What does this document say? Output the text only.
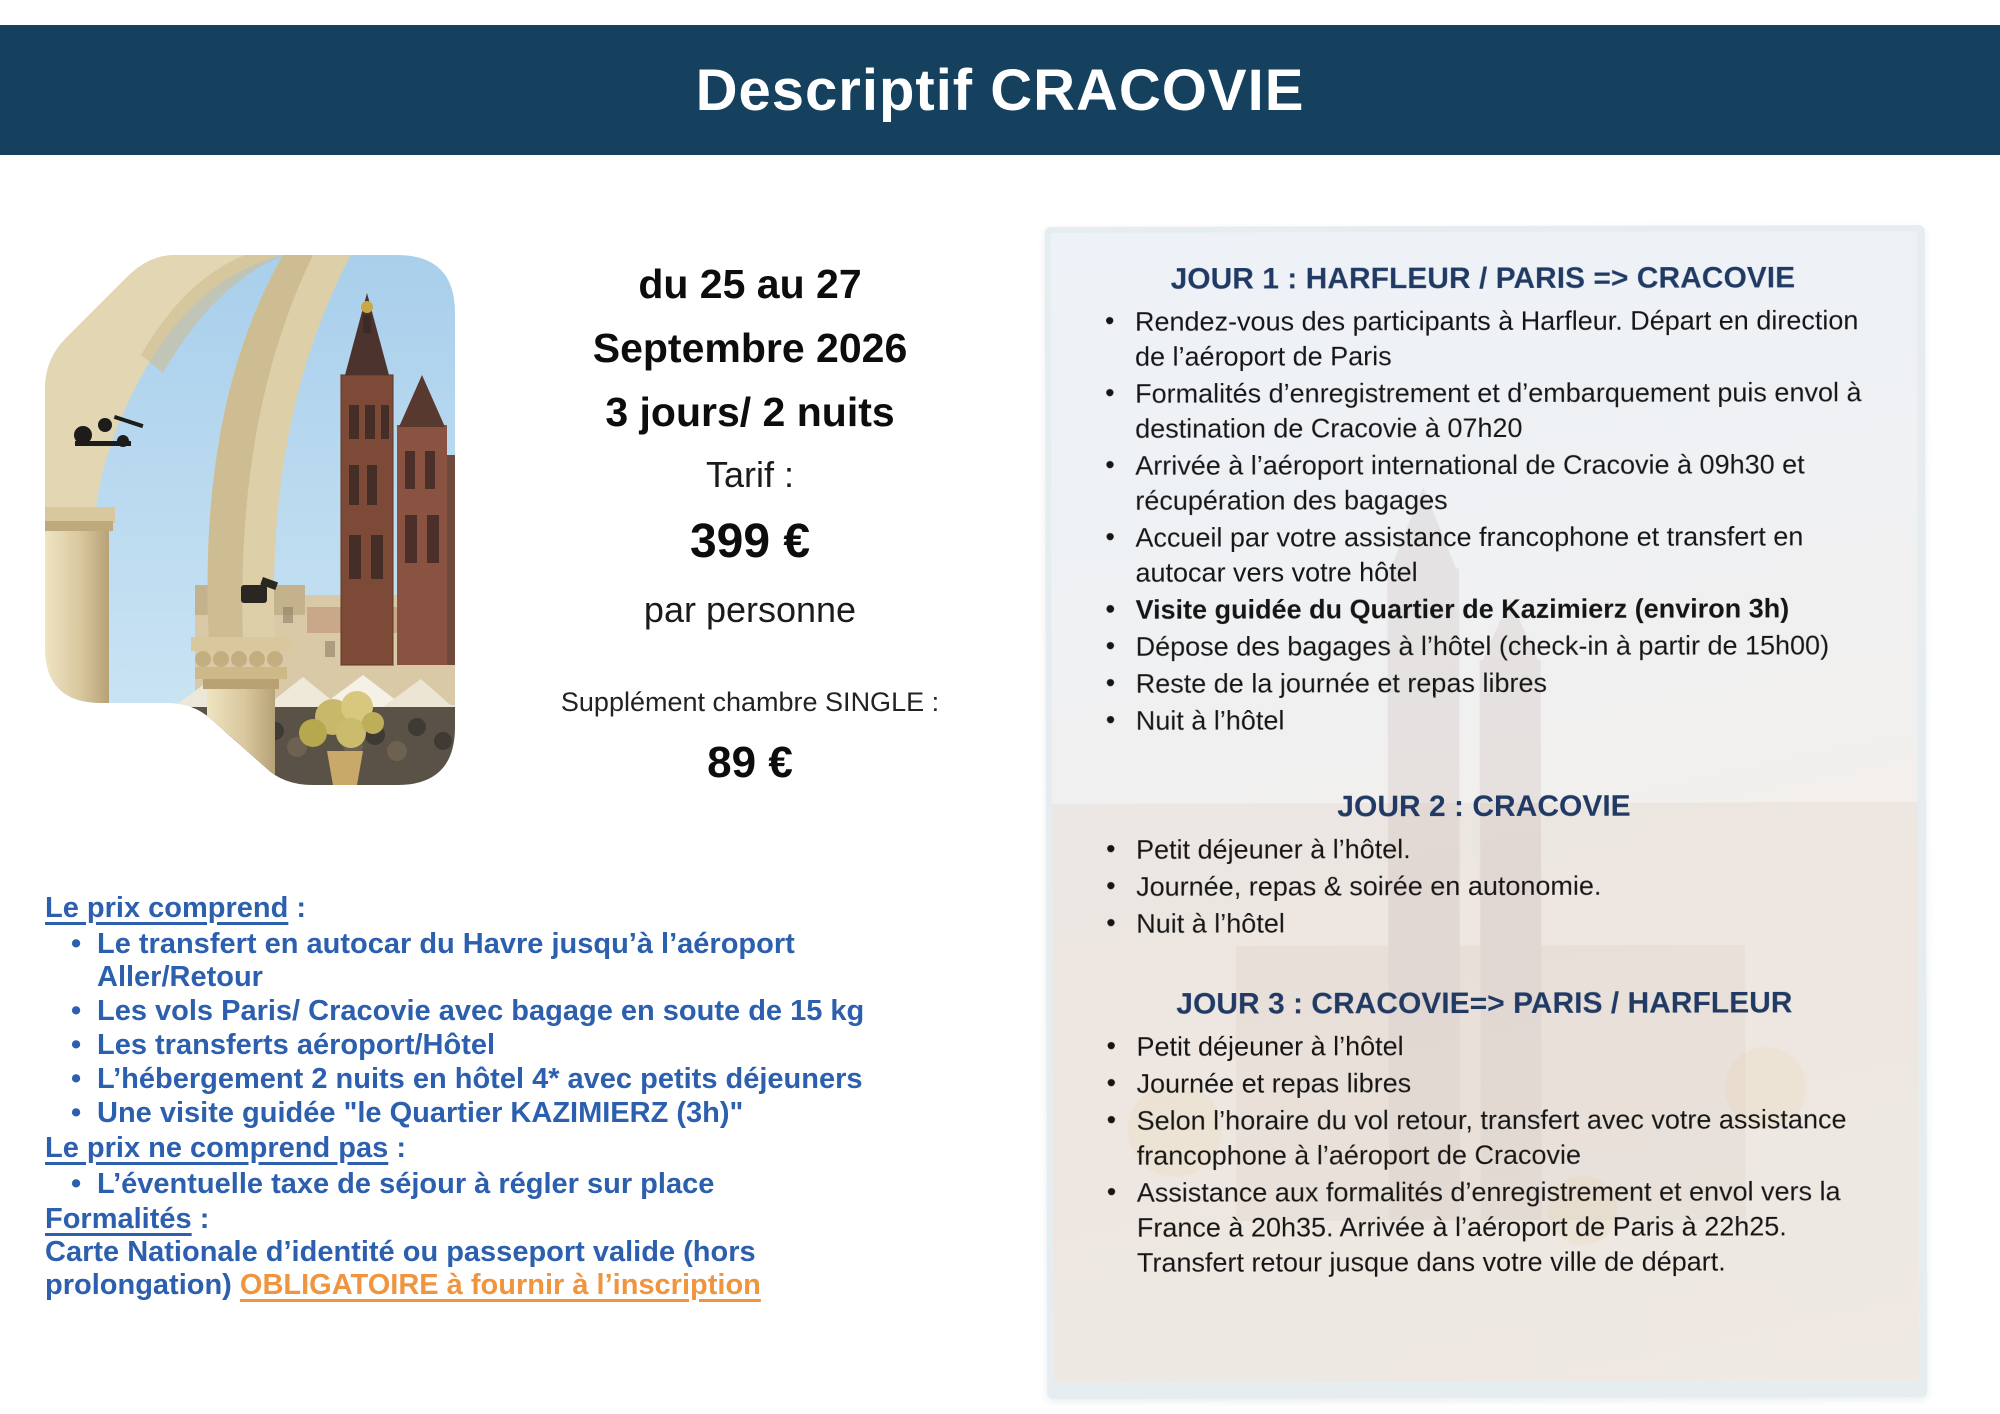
Descriptif CRACOVIE
du 25 au 27
Septembre 2026
3 jours/ 2 nuits
Tarif :
399 €
par personne
Supplément chambre SINGLE :
89 €
Le prix comprend :
• Le transfert en autocar du Havre jusqu’à l’aéroport Aller/Retour
• Les vols Paris/ Cracovie avec bagage en soute de 15 kg
• Les transferts aéroport/Hôtel
• L’hébergement 2 nuits en hôtel 4* avec petits déjeuners
• Une visite guidée "le Quartier KAZIMIERZ (3h)"
Le prix ne comprend pas :
• L’éventuelle taxe de séjour à régler sur place
Formalités :
Carte Nationale d’identité ou passeport valide (hors prolongation) OBLIGATOIRE à fournir à l’inscription
JOUR 1 : HARFLEUR / PARIS => CRACOVIE
• Rendez-vous des participants à Harfleur. Départ en direction de l’aéroport de Paris
• Formalités d’enregistrement et d’embarquement puis envol à destination de Cracovie à 07h20
• Arrivée à l’aéroport international de Cracovie à 09h30 et récupération des bagages
• Accueil par votre assistance francophone et transfert en autocar vers votre hôtel
• Visite guidée du Quartier de Kazimierz (environ 3h)
• Dépose des bagages à l’hôtel (check-in à partir de 15h00)
• Reste de la journée et repas libres
• Nuit à l’hôtel
JOUR 2 : CRACOVIE
• Petit déjeuner à l’hôtel.
• Journée, repas & soirée en autonomie.
• Nuit à l’hôtel
JOUR 3 : CRACOVIE=> PARIS / HARFLEUR
• Petit déjeuner à l’hôtel
• Journée et repas libres
• Selon l’horaire du vol retour, transfert avec votre assistance francophone à l’aéroport de Cracovie
• Assistance aux formalités d’enregistrement et envol vers la France à 20h35. Arrivée à l’aéroport de Paris à 22h25. Transfert retour jusque dans votre ville de départ.
